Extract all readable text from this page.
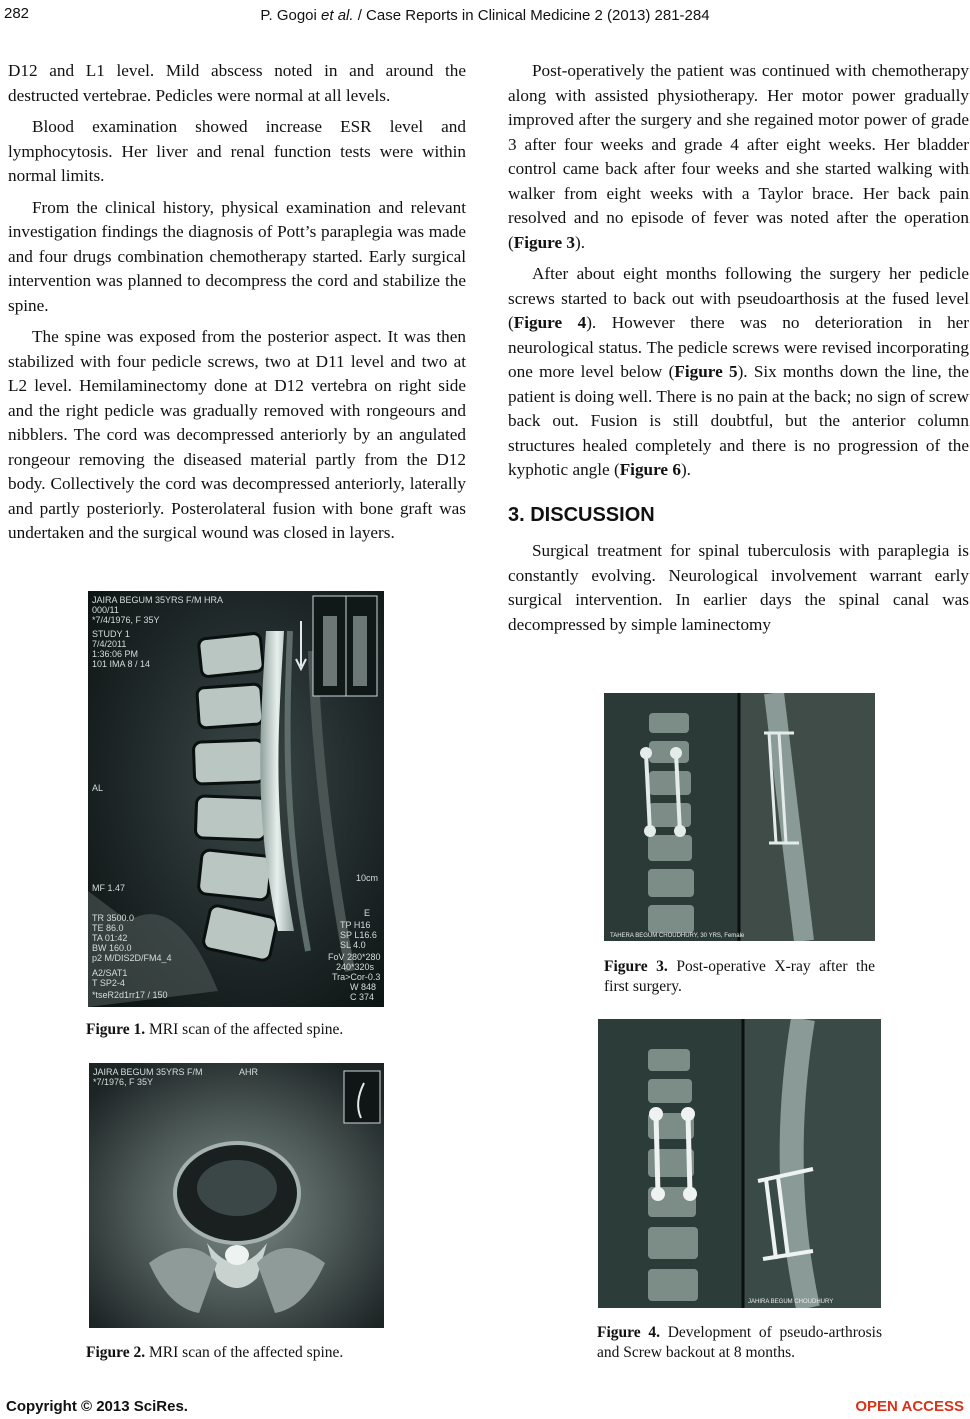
282	P. Gogoi et al. / Case Reports in Clinical Medicine 2 (2013) 281-284

D12 and L1 level. Mild abscess noted in and around the destructed vertebrae. Pedicles were normal at all levels.

Blood examination showed increase ESR level and lymphocytosis. Her liver and renal function tests were within normal limits.

From the clinical history, physical examination and relevant investigation findings the diagnosis of Pott’s paraplegia was made and four drugs combination chemotherapy started. Early surgical intervention was planned to decompress the cord and stabilize the spine.

The spine was exposed from the posterior aspect. It was then stabilized with four pedicle screws, two at D11 level and two at L2 level. Hemilaminectomy done at D12 vertebra on right side and the right pedicle was gradually removed with rongeours and nibblers. The cord was decompressed anteriorly by an angulated rongeour removing the diseased material partly from the D12 body. Collectively the cord was decompressed anteriorly, laterally and partly posteriorly. Posterolateral fusion with bone graft was undertaken and the surgical wound was closed in layers.

Post-operatively the patient was continued with chemotherapy along with assisted physiotherapy. Her motor power gradually improved after the surgery and she regained motor power of grade 3 after four weeks and grade 4 after eight weeks. Her bladder control came back after four weeks and she started walking with walker from eight weeks with a Taylor brace. Her back pain resolved and no episode of fever was noted after the operation (Figure 3).

After about eight months following the surgery her pedicle screws started to back out with pseudoarthosis at the fused level (Figure 4). However there was no deterioration in her neurological status. The pedicle screws were revised incorporating one more level below (Figure 5). Six months down the line, the patient is doing well. There is no pain at the back; no sign of screw back out. Fusion is still doubtful, but the anterior column structures healed completely and there is no progression of the kyphotic angle (Figure 6).

3. DISCUSSION

Surgical treatment for spinal tuberculosis with paraplegia is constantly evolving. Neurological involvement warrant early surgical intervention. In earlier days the spinal canal was decompressed by simple laminectomy

JAIRA BEGUM 35YRS F/M
000/11
*7/4/1976, F 35Y
STUDY 1
7/4/2011
1:36:06 PM
101 IMA 8 / 14
HRA
AL
MF 1.47
TR 3500.0
TE 86.0
TA 01:42
BW 160.0
p2 M/DIS2D/FM4_4
A2/SAT1
T SP2-4
*tseR2d1rr17 / 150
10cm
E
TP H16
SP L16.6
SL 4.0
FoV 280*280
240*320s
Tra>Cor-0.3
W 848
C 374
Figure 1. MRI scan of the affected spine.
JAIRA BEGUM 35YRS F/M
*7/1976, F 35Y
AHR
Figure 2. MRI scan of the affected spine.
TAHERA BEGUM CHOUDHURY, 30 YRS, Female
Figure 3. Post-operative X-ray after the first surgery.
JAHIRA BEGUM CHOUDHURY
Figure 4. Development of pseudo-arthrosis and Screw backout at 8 months.
Copyright © 2013 SciRes.	OPEN ACCESS
